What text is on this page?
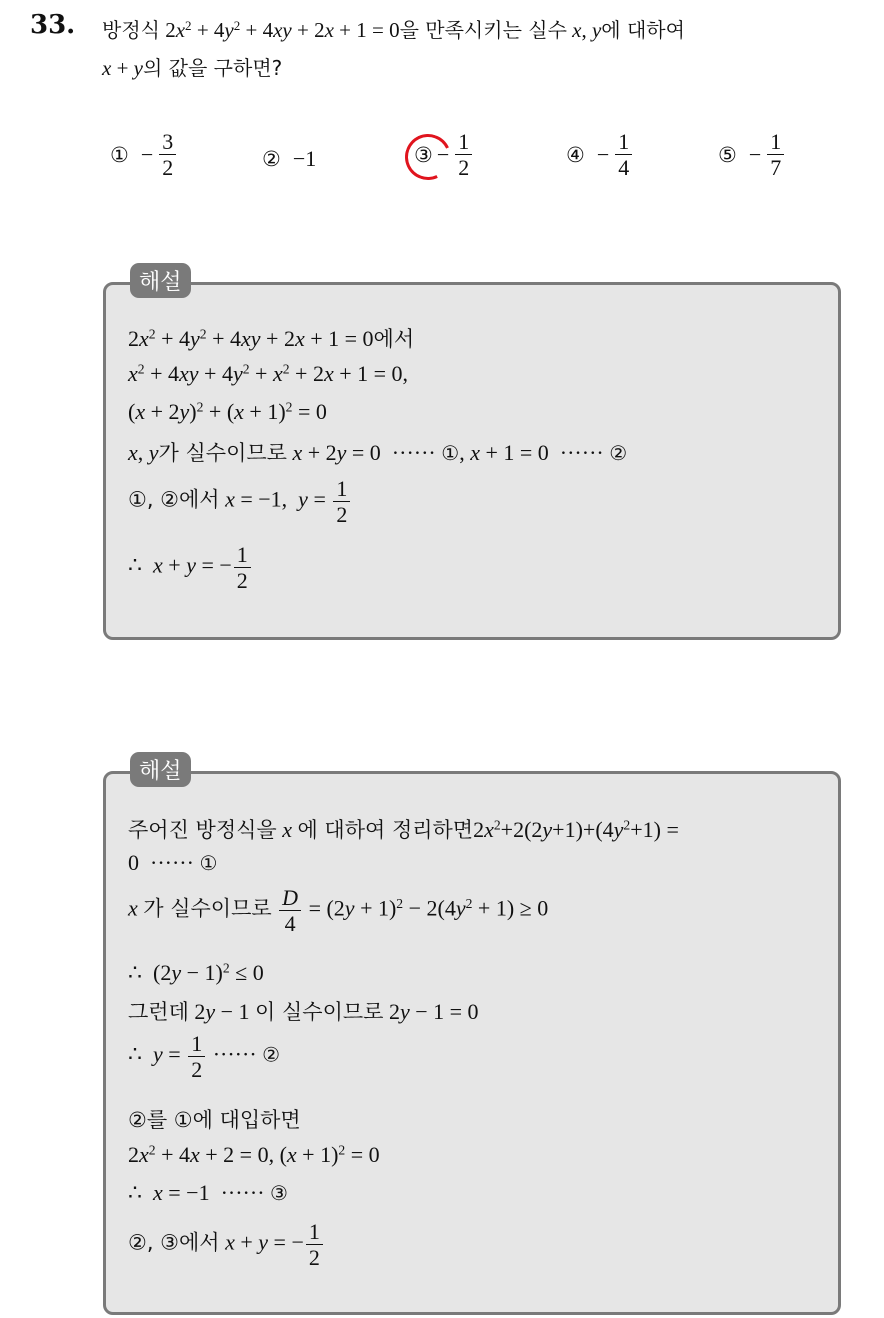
33. 방정식 $2x^2 + 4y^2 + 4xy + 2x + 1 = 0$을 만족시키는 실수 x, y에 대하여
x + y의 값을 구하면?
① − $\frac{3}{2}$	② −1	③ − $\frac{1}{2}$	④ − $\frac{1}{4}$	⑤ − $\frac{1}{7}$
$2x^2 + 4y^2 + 4xy + 2x + 1 = 0$에서
$x^2 + 4xy + 4y^2 + x^2 + 2x + 1 = 0$,
$(x + 2y)^2 + (x + 1)^2 = 0$
x, y가 실수이므로 x + 2y = 0  ······ ①, x + 1 = 0  ······ ②
①, ②에서 x = −1,  $y = \frac{1}{2}$
∴  x + y = − $\frac{1}{2}$
해설
주어진 방정식을 x 에 대하여 정리하면$2x^2+2(2y+1)+(4y^2+1)$ =
0  ······ ①
x 가 실수이므로 $\frac{D}{4} = (2y + 1)^2 - 2(4y^2 + 1) \ge 0$
∴  $(2y - 1)^2 \le 0$
그런데 2y − 1 이 실수이므로 2y − 1 = 0
∴  $y = \frac{1}{2}$ ······ ②
②를 ①에 대입하면
$2x^2 + 4x + 2 = 0$, $(x + 1)^2 = 0$
∴  x = −1  ······ ③
②, ③에서 x + y = − $\frac{1}{2}$
해설
